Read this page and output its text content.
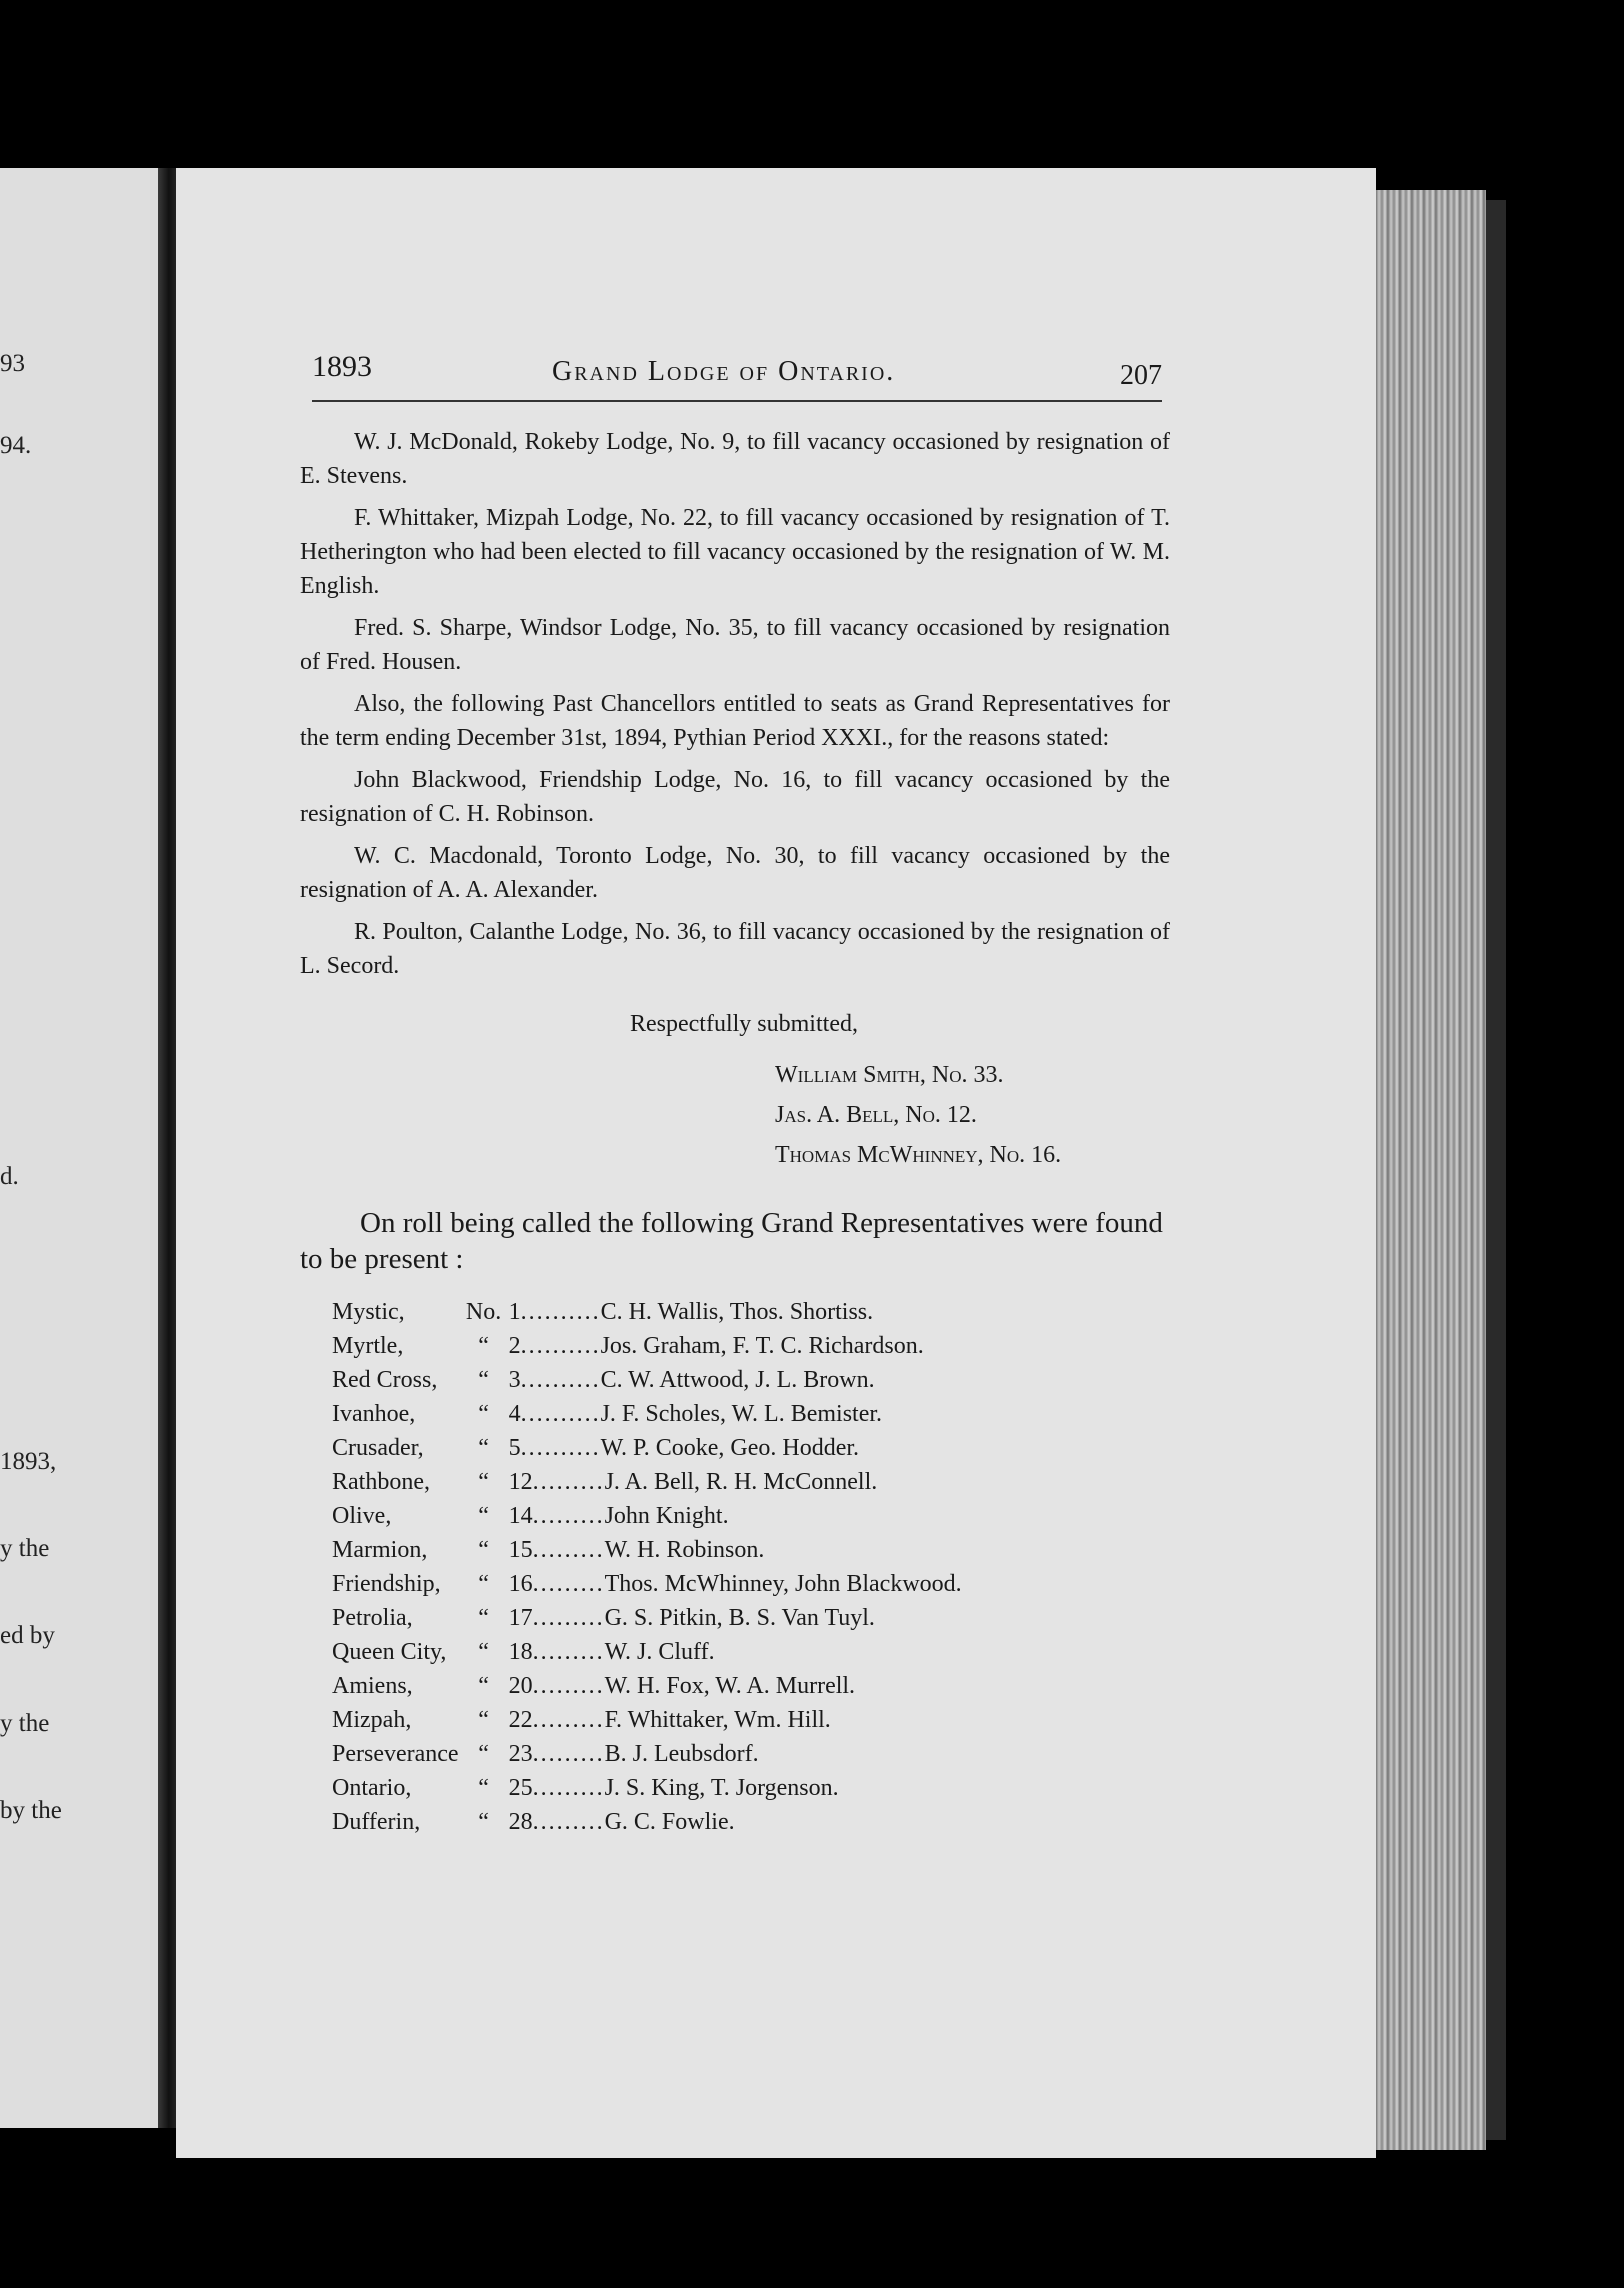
93
94.
d.
1893,
y the
ed by
y the
by the
1893	Grand Lodge of Ontario.	207

W. J. McDonald, Rokeby Lodge, No. 9, to fill vacancy occasioned by resignation of E. Stevens.

F. Whittaker, Mizpah Lodge, No. 22, to fill vacancy occasioned by resignation of T. Hetherington who had been elected to fill vacancy occasioned by the resignation of W. M. English.

Fred. S. Sharpe, Windsor Lodge, No. 35, to fill vacancy occasioned by resignation of Fred. Housen.

Also, the following Past Chancellors entitled to seats as Grand Representatives for the term ending December 31st, 1894, Pythian Period XXXI., for the reasons stated:

John Blackwood, Friendship Lodge, No. 16, to fill vacancy occasioned by the resignation of C. H. Robinson.

W. C. Macdonald, Toronto Lodge, No. 30, to fill vacancy occasioned by the resignation of A. A. Alexander.

R. Poulton, Calanthe Lodge, No. 36, to fill vacancy occasioned by the resignation of L. Secord.

Respectfully submitted,
William Smith, No. 33.
Jas. A. Bell, No. 12.
Thomas McWhinney, No. 16.
On roll being called the following Grand Representatives were found to be present :
Mystic,	No.	1..........C. H. Wallis, Thos. Shortiss.
Myrtle,	“	2..........Jos. Graham, F. T. C. Richardson.
Red Cross,	“	3..........C. W. Attwood, J. L. Brown.
Ivanhoe,	“	4..........J. F. Scholes, W. L. Bemister.
Crusader,	“	5..........W. P. Cooke, Geo. Hodder.
Rathbone,	“	12.........J. A. Bell, R. H. McConnell.
Olive,	“	14.........John Knight.
Marmion,	“	15.........W. H. Robinson.
Friendship,	“	16.........Thos. McWhinney, John Blackwood.
Petrolia,	“	17.........G. S. Pitkin, B. S. Van Tuyl.
Queen City,	“	18.........W. J. Cluff.
Amiens,	“	20.........W. H. Fox, W. A. Murrell.
Mizpah,	“	22.........F. Whittaker, Wm. Hill.
Perseverance	“	23.........B. J. Leubsdorf.
Ontario,	“	25.........J. S. King, T. Jorgenson.
Dufferin,	“	28.........G. C. Fowlie.
